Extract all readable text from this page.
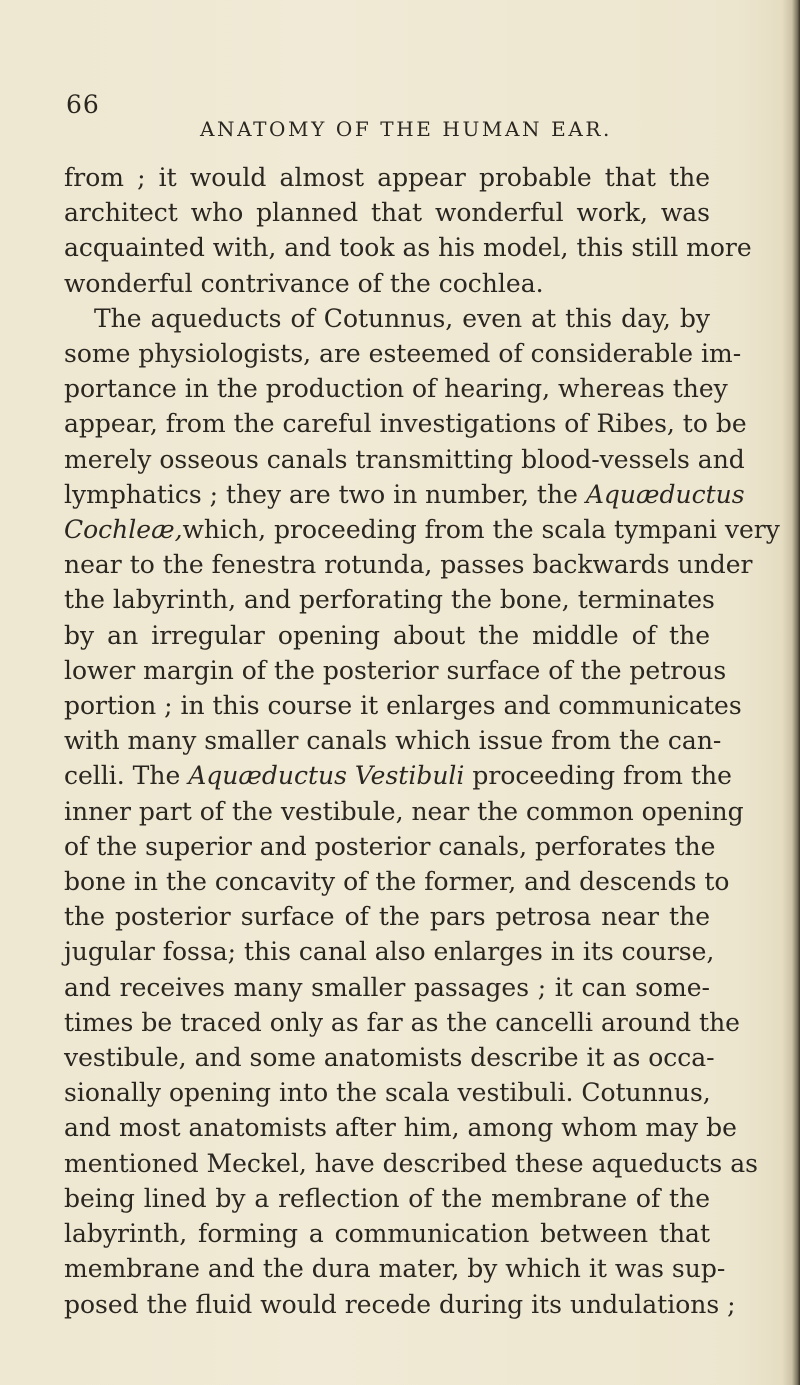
66
ANATOMY OF THE HUMAN EAR.
from ; it would almost appear probable that the
architect who planned that wonderful work, was
acquainted with, and took as his model, this still more
wonderful contrivance of the cochlea.
The aqueducts of Cotunnus, even at this day, by
some physiologists, are esteemed of considerable im-
portance in the production of hearing, whereas they
appear, from the careful investigations of Ribes, to be
merely osseous canals transmitting blood-vessels and
lymphatics ; they are two in number, the Aquæductus
Cochleæ,which, proceeding from the scala tympani very
near to the fenestra rotunda, passes backwards under
the labyrinth, and perforating the bone, terminates
by an irregular opening about the middle of the
lower margin of the posterior surface of the petrous
portion ; in this course it enlarges and communicates
with many smaller canals which issue from the can-
celli. The Aquæductus Vestibuli proceeding from the
inner part of the vestibule, near the common opening
of the superior and posterior canals, perforates the
bone in the concavity of the former, and descends to
the posterior surface of the pars petrosa near the
jugular fossa; this canal also enlarges in its course,
and receives many smaller passages ; it can some-
times be traced only as far as the cancelli around the
vestibule, and some anatomists describe it as occa-
sionally opening into the scala vestibuli. Cotunnus,
and most anatomists after him, among whom may be
mentioned Meckel, have described these aqueducts as
being lined by a reflection of the membrane of the
labyrinth, forming a communication between that
membrane and the dura mater, by which it was sup-
posed the fluid would recede during its undulations ;
